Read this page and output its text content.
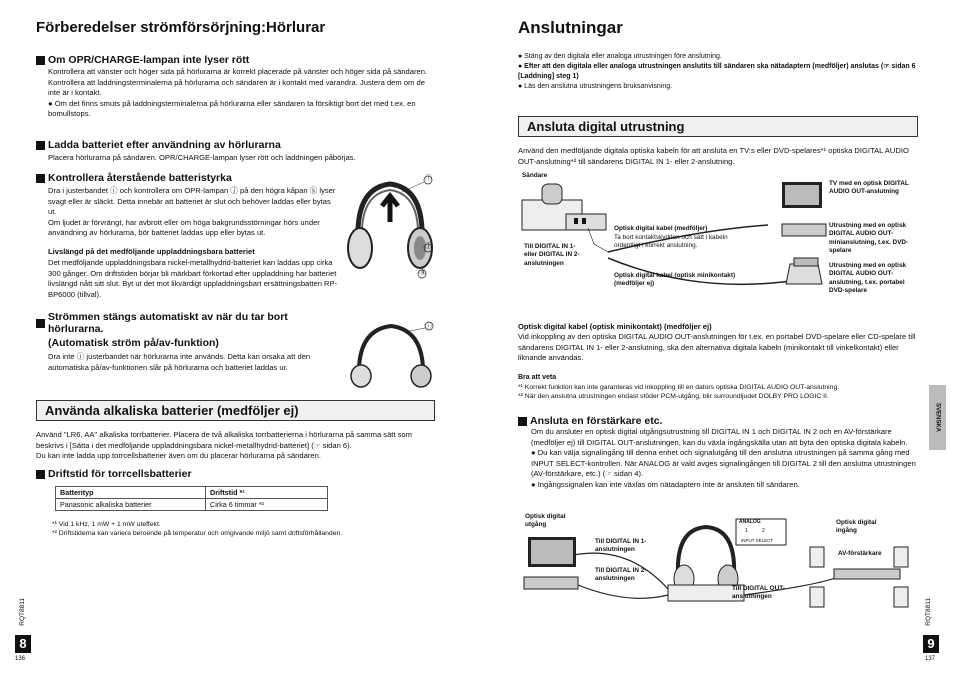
Förberedelser strömförsörjning:Hörlurar
Om OPR/CHARGE-lampan inte lyser rött
Kontrollera att vänster och höger sida på hörlurarna är korrekt placerade på vänster och höger sida på sändaren.
Kontrollera att laddningsterminalerna på hörlurarna och sändaren är i kontakt med varandra. Justera dem om de inte är i kontakt.
● Om det finns smuts på laddningsterminalerna på hörlurarna eller sändaren ta försiktigt bort det med t.ex. en bomullstops.
Ladda batteriet efter användning av hörlurarna
Placera hörlurarna på sändaren. OPR/CHARGE-lampan lyser rött och laddningen påbörjas.
Kontrollera återstående batteristyrka
Dra i justerbandet ⓘ och kontrollera om OPR-lampan ⓙ på den högra kåpan ⓚ lyser svagt eller är släckt. Detta innebär att batteriet är slut och behöver laddas eller bytas ut.
Om ljudet är förvrängt, har avbrott eller om höga bakgrundsstörningar hörs under användning av hörlurarna, bör batteriet laddas upp eller bytas ut.
Livslängd på det medföljande uppladdningsbara batteriet
Det medföljande uppladdningsbara nickel-metallhydrid-batteriet kan laddas upp cirka 300 gånger. Om driftstiden börjar bli märkbart förkortad efter uppladdning har batteriet livslängd nått sitt slut. Byt ut det mot likvärdigt uppladdningsbart ersättningsbatteri RP-BP6000 (tillval).
ⓘ
ⓙ
ⓚ
Strömmen stängs automatiskt av när du tar bort hörlurarna.
(Automatisk ström på/av-funktion)
Dra inte ⓘ justerbandet när hörlurarna inte används. Detta kan orsaka att den automatiska på/av-funktionen slår på hörlurarna och batteriet laddas ur.
ⓘ
Använda alkaliska batterier (medföljer ej)
Använd "LR6, AA" alkaliska torrbatterier. Placera de två alkaliska torrbatterierna i hörlurarna på samma sätt som beskrivs i [Sätta i det medföljande uppladdningsbara nickel-metallhydrid-batteriet] (☞ sidan 6).
Du kan inte ladda upp torrcellsbatterier även om du placerar hörlurarna på sändaren.
Driftstid för torrcellsbatterier
Batterityp	Driftstid *¹
Panasonic alkaliska batterier	Cirka 6 timmar *²
*¹ Vid 1 kHz, 1 mW + 1 mW uteffekt.
*² Driftstiderna kan variera beroende på temperatur och omgivande miljö samt driftsförhållanden.
RQT8811
8
136
Anslutningar
● Stäng av den digitala eller analoga utrustningen före anslutning.
● Efter att den digitala eller analoga utrustningen anslutits till sändaren ska nätadaptern (medföljer) anslutas (☞ sidan 6 [Laddning] steg 1)
● Läs den anslutna utrustningens bruksanvisning.
Ansluta digital utrustning
Använd den medföljande digitala optiska kabeln för att ansluta en TV:s eller DVD-spelares*¹ optiska DIGITAL AUDIO OUT-anslutning*² till sändarens DIGITAL IN 1- eller 2-anslutning.
Sändare
Till DIGITAL IN 1- eller DIGITAL IN 2-anslutningen
Optisk digital kabel (medföljer)
Ta bort kontaktskydden och sätt i kabeln ordentligt i korrekt anslutning.
Optisk digital kabel (optisk minikontakt) (medföljer ej)
TV med en optisk DIGITAL AUDIO OUT-anslutning
Utrustning med en optisk DIGITAL AUDIO OUT-minianslutning, t.ex. DVD-spelare
Utrustning med en optisk DIGITAL AUDIO OUT-anslutning, t.ex. portabel DVD-spelare
Optisk digital kabel (optisk minikontakt) (medföljer ej)
Vid inkoppling av den optiska DIGITAL AUDIO OUT-anslutningen för t.ex. en portabel DVD-spelare eller CD-spelare till sändarens DIGITAL IN 1- eller 2-anslutning, ska den alternativa digitala kabeln (minikontakt till vinkelkontakt) eller liknande användas.
Bra att veta
*¹ Korrekt funktion kan inte garanteras vid inkoppling till en dators optiska DIGITAL AUDIO OUT-anslutning.
*² När den anslutna utrustningen endast stöder PCM-utgång, blir surroundljudet DOLBY PRO LOGIC II.
Ansluta en förstärkare etc.
Om du ansluter en optisk digital utgångsutrustning till DIGITAL IN 1 och DIGITAL IN 2 och en AV-förstärkare (medföljer ej) till DIGITAL OUT-anslutningen, kan du växla ingångskälla utan att byta den optiska digitala kabeln.
● Du kan välja signalingång till denna enhet och signalutgång till den anslutna utrustningen på samma gång med INPUT SELECT-kontrollen. När ANALOG är vald avges signalingången till DIGITAL 2 till den anslutna utrustningen (AV-förstärkare, etc.) (☞ sidan 4).
● Ingångssignalen kan inte växlas om nätadaptern inte är ansluten till sändaren.
Optisk digital utgång	Optisk digital ingång
ANALOG
1	2
INPUT SELECT
Till DIGITAL IN 1-anslutningen
Till DIGITAL IN 2-anslutningen
Till DIGITAL OUT-anslutningen
AV-förstärkare
SVENSKA
RQT8811
9
137
